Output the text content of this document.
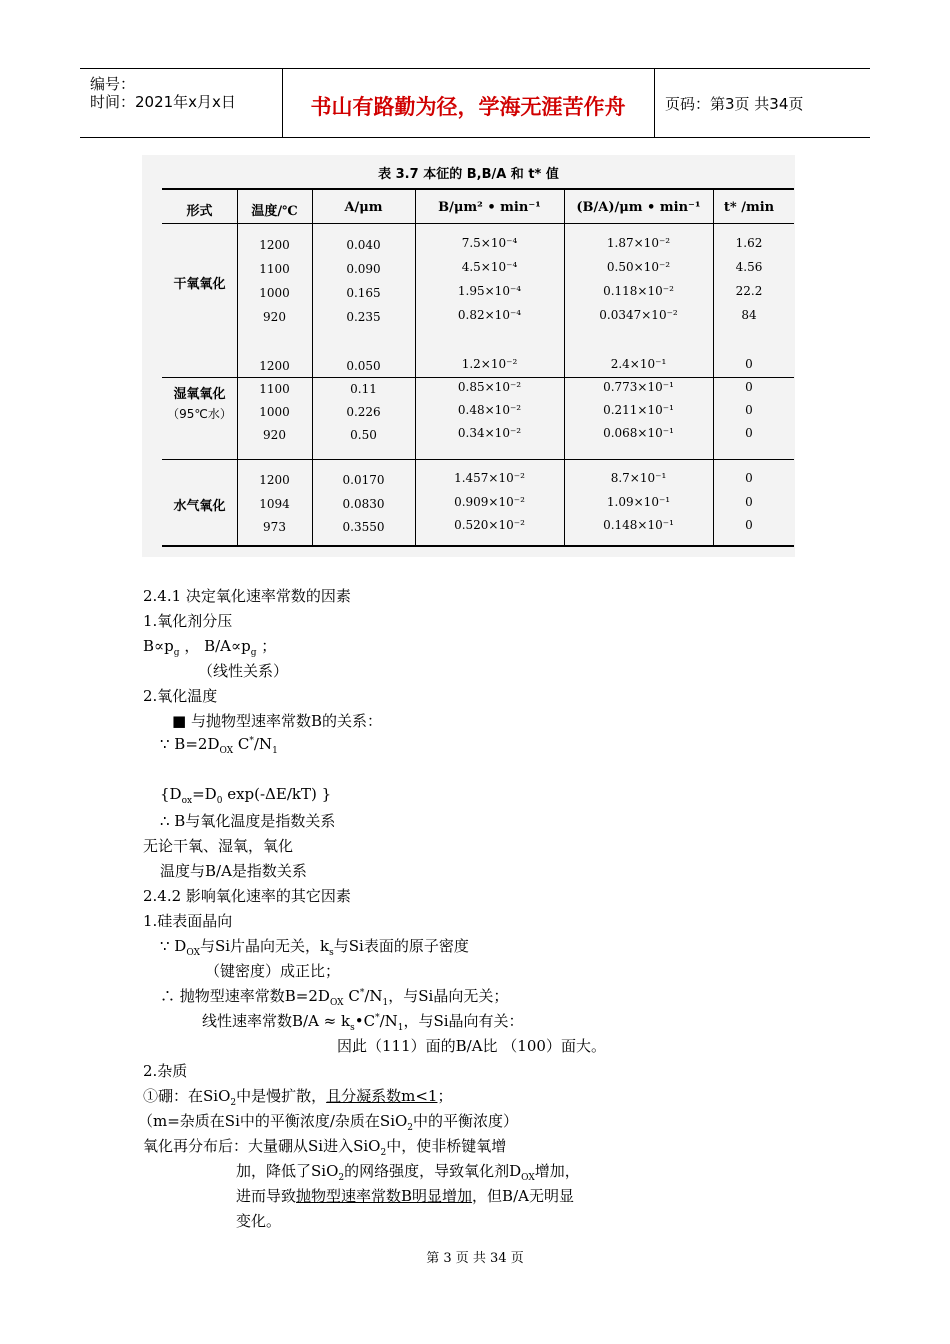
编号：
时间：2021年x月x日	书山有路勤为径，学海无涯苦作舟	页码：第3页 共34页
表 3.7 本征的 B,B/A 和 t* 值
形式	温度/℃	A/μm	B/μm² • min⁻¹	(B/A)/μm • min⁻¹	t* /min
干氧氧化
1200	0.040	7.5×10⁻⁴	1.87×10⁻²	1.62
1100	0.090	4.5×10⁻⁴	0.50×10⁻²	4.56
1000	0.165	1.95×10⁻⁴	0.118×10⁻²	22.2
920	0.235	0.82×10⁻⁴	0.0347×10⁻²	84
湿氧氧化
（95℃水）
1200	0.050	1.2×10⁻²	2.4×10⁻¹	0
1100	0.11	0.85×10⁻²	0.773×10⁻¹	0
1000	0.226	0.48×10⁻²	0.211×10⁻¹	0
920	0.50	0.34×10⁻²	0.068×10⁻¹	0
水气氧化
1200	0.0170	1.457×10⁻²	8.7×10⁻¹	0
1094	0.0830	0.909×10⁻²	1.09×10⁻¹	0
973	0.3550	0.520×10⁻²	0.148×10⁻¹	0
2.4.1 决定氧化速率常数的因素
1.氧化剂分压
$B\propto p_g$ ， $B/A\propto p_g$ ；
（线性关系）
2.氧化温度
■ 与抛物型速率常数B的关系：
∵ $B=2D_{OX}$ $C^*/N_1$
{$D_{ox}=D_0$ exp(-ΔE/kT) }
∴ B与氧化温度是指数关系
无论干氧、湿氧，氧化
温度与B/A是指数关系
2.4.2 影响氧化速率的其它因素
1.硅表面晶向
∵ $D_{OX}$与Si片晶向无关，$k_s$与Si表面的原子密度
（键密度）成正比；
∴ 抛物型速率常数$B=2D_{OX}$ $C^*/N_1$，与Si晶向无关；
线性速率常数$B/A \approx k_s•C^*/N_1$，与Si晶向有关：
因此（111）面的B/A比 （100）面大。
2.杂质
①硼：在SiO$_2$中是慢扩散，且分凝系数m<1；
（m=杂质在Si中的平衡浓度/杂质在SiO$_2$中的平衡浓度）
氧化再分布后：大量硼从Si进入SiO$_2$中，使非桥键氧增
加，降低了SiO$_2$的网络强度，导致氧化剂$D_{OX}$增加，
进而导致抛物型速率常数B明显增加，但B/A无明显
变化。
第 3 页 共 34 页
